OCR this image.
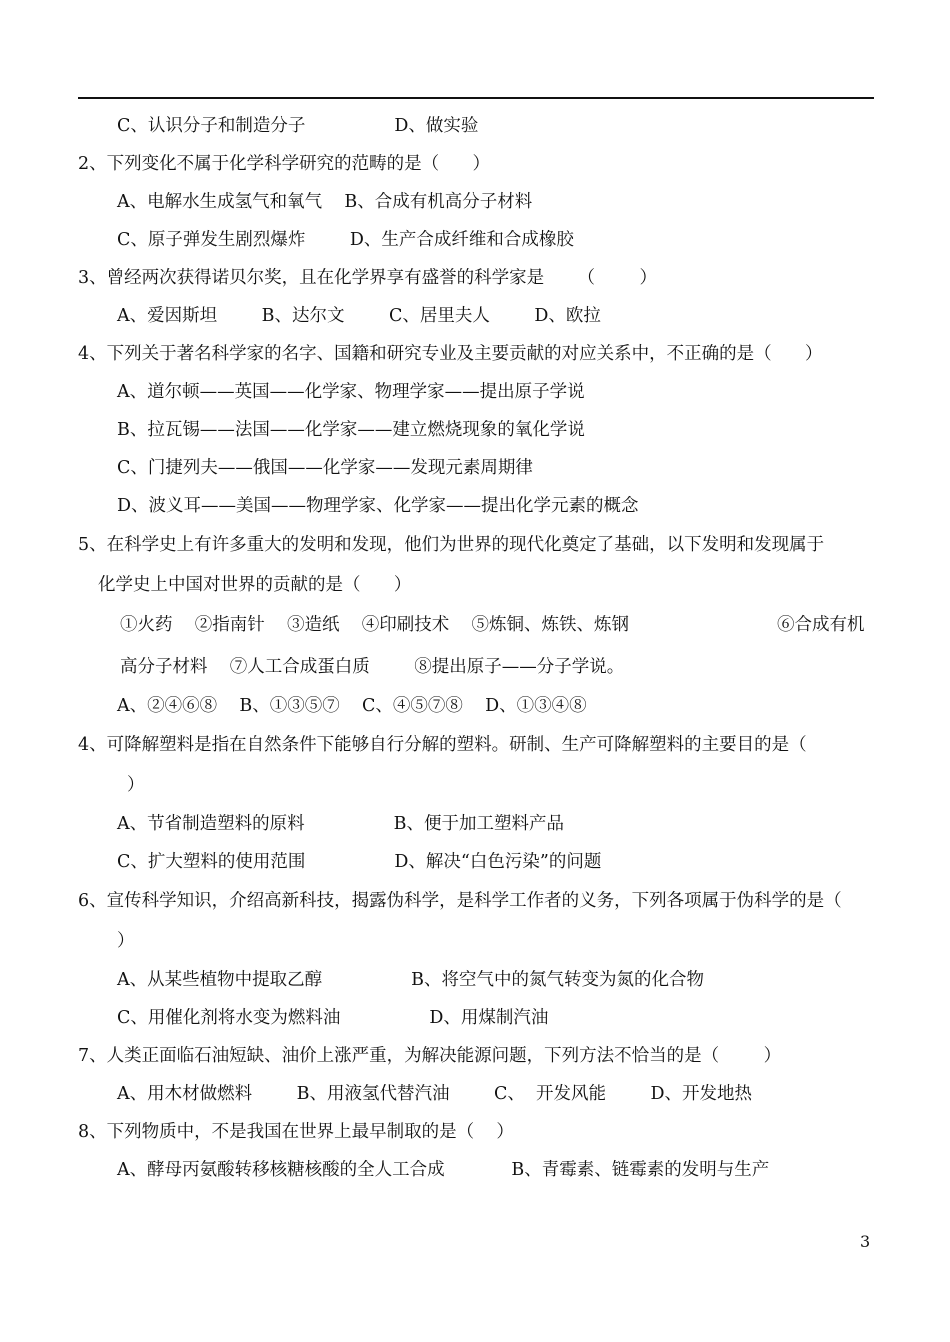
C、认识分子和制造分子                D、做实验
2、下列变化不属于化学科学研究的范畴的是（      ）
A、电解水生成氢气和氧气    B、合成有机高分子材料
C、原子弹发生剧烈爆炸        D、生产合成纤维和合成橡胶
3、曾经两次获得诺贝尔奖，且在化学界享有盛誉的科学家是      （        ）
A、爱因斯坦        B、达尔文        C、居里夫人        D、欧拉
4、下列关于著名科学家的名字、国籍和研究专业及主要贡献的对应关系中，不正确的是（      ）
A、道尔顿——英国——化学家、物理学家——提出原子学说
B、拉瓦锡——法国——化学家——建立燃烧现象的氧化学说
C、门捷列夫——俄国——化学家——发现元素周期律
D、波义耳——美国——物理学家、化学家——提出化学元素的概念
5、在科学史上有许多重大的发明和发现，他们为世界的现代化奠定了基础，以下发明和发现属于
化学史上中国对世界的贡献的是（      ）
①火药    ②指南针    ③造纸    ④印刷技术    ⑤炼铜、炼铁、炼钢	⑥合成有机
高分子材料    ⑦人工合成蛋白质        ⑧提出原子——分子学说。
A、②④⑥⑧    B、①③⑤⑦    C、④⑤⑦⑧    D、①③④⑧
4、可降解塑料是指在自然条件下能够自行分解的塑料。研制、生产可降解塑料的主要目的是（
）
A、节省制造塑料的原料                B、便于加工塑料产品
C、扩大塑料的使用范围                D、解决“白色污染”的问题
6、宣传科学知识，介绍高新科技，揭露伪科学，是科学工作者的义务，下列各项属于伪科学的是（
）
A、从某些植物中提取乙醇                B、将空气中的氮气转变为氮的化合物
C、用催化剂将水变为燃料油                D、用煤制汽油
7、人类正面临石油短缺、油价上涨严重，为解决能源问题，下列方法不恰当的是（        ）
A、用木材做燃料        B、用液氢代替汽油        C、  开发风能        D、开发地热
8、下列物质中，不是我国在世界上最早制取的是（    ）
A、酵母丙氨酸转移核糖核酸的全人工合成            B、青霉素、链霉素的发明与生产
3
